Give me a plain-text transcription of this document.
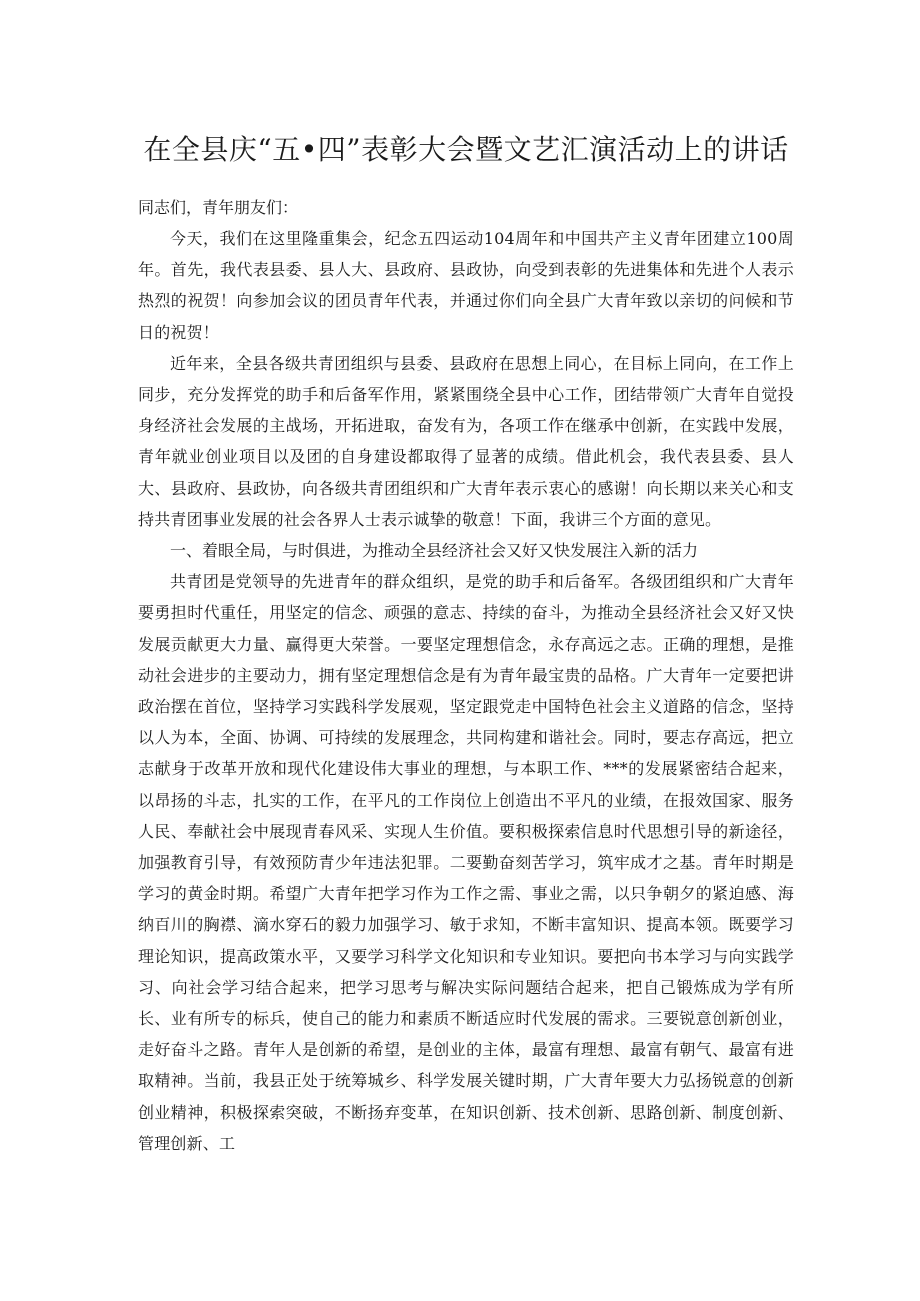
在全县庆“五•四”表彰大会暨文艺汇演活动上的讲话

同志们，青年朋友们：

今天，我们在这里隆重集会，纪念五四运动104周年和中国共产主义青年团建立100周年。首先，我代表县委、县人大、县政府、县政协，向受到表彰的先进集体和先进个人表示热烈的祝贺！向参加会议的团员青年代表，并通过你们向全县广大青年致以亲切的问候和节日的祝贺！

近年来，全县各级共青团组织与县委、县政府在思想上同心，在目标上同向，在工作上同步，充分发挥党的助手和后备军作用，紧紧围绕全县中心工作，团结带领广大青年自觉投身经济社会发展的主战场，开拓进取，奋发有为，各项工作在继承中创新，在实践中发展，青年就业创业项目以及团的自身建设都取得了显著的成绩。借此机会，我代表县委、县人大、县政府、县政协，向各级共青团组织和广大青年表示衷心的感谢！向长期以来关心和支持共青团事业发展的社会各界人士表示诚挚的敬意！下面，我讲三个方面的意见。

一、着眼全局，与时俱进，为推动全县经济社会又好又快发展注入新的活力

共青团是党领导的先进青年的群众组织，是党的助手和后备军。各级团组织和广大青年要勇担时代重任，用坚定的信念、顽强的意志、持续的奋斗，为推动全县经济社会又好又快发展贡献更大力量、赢得更大荣誉。一要坚定理想信念，永存高远之志。正确的理想，是推动社会进步的主要动力，拥有坚定理想信念是有为青年最宝贵的品格。广大青年一定要把讲政治摆在首位，坚持学习实践科学发展观，坚定跟党走中国特色社会主义道路的信念，坚持以人为本，全面、协调、可持续的发展理念，共同构建和谐社会。同时，要志存高远，把立志献身于改革开放和现代化建设伟大事业的理想，与本职工作、***的发展紧密结合起来，以昂扬的斗志，扎实的工作，在平凡的工作岗位上创造出不平凡的业绩，在报效国家、服务人民、奉献社会中展现青春风采、实现人生价值。要积极探索信息时代思想引导的新途径，加强教育引导，有效预防青少年违法犯罪。二要勤奋刻苦学习，筑牢成才之基。青年时期是学习的黄金时期。希望广大青年把学习作为工作之需、事业之需，以只争朝夕的紧迫感、海纳百川的胸襟、滴水穿石的毅力加强学习、敏于求知，不断丰富知识、提高本领。既要学习理论知识，提高政策水平，又要学习科学文化知识和专业知识。要把向书本学习与向实践学习、向社会学习结合起来，把学习思考与解决实际问题结合起来，把自己锻炼成为学有所长、业有所专的标兵，使自己的能力和素质不断适应时代发展的需求。三要锐意创新创业，走好奋斗之路。青年人是创新的希望，是创业的主体，最富有理想、最富有朝气、最富有进取精神。当前，我县正处于统筹城乡、科学发展关键时期，广大青年要大力弘扬锐意的创新创业精神，积极探索突破，不断扬弃变革，在知识创新、技术创新、思路创新、制度创新、管理创新、工
